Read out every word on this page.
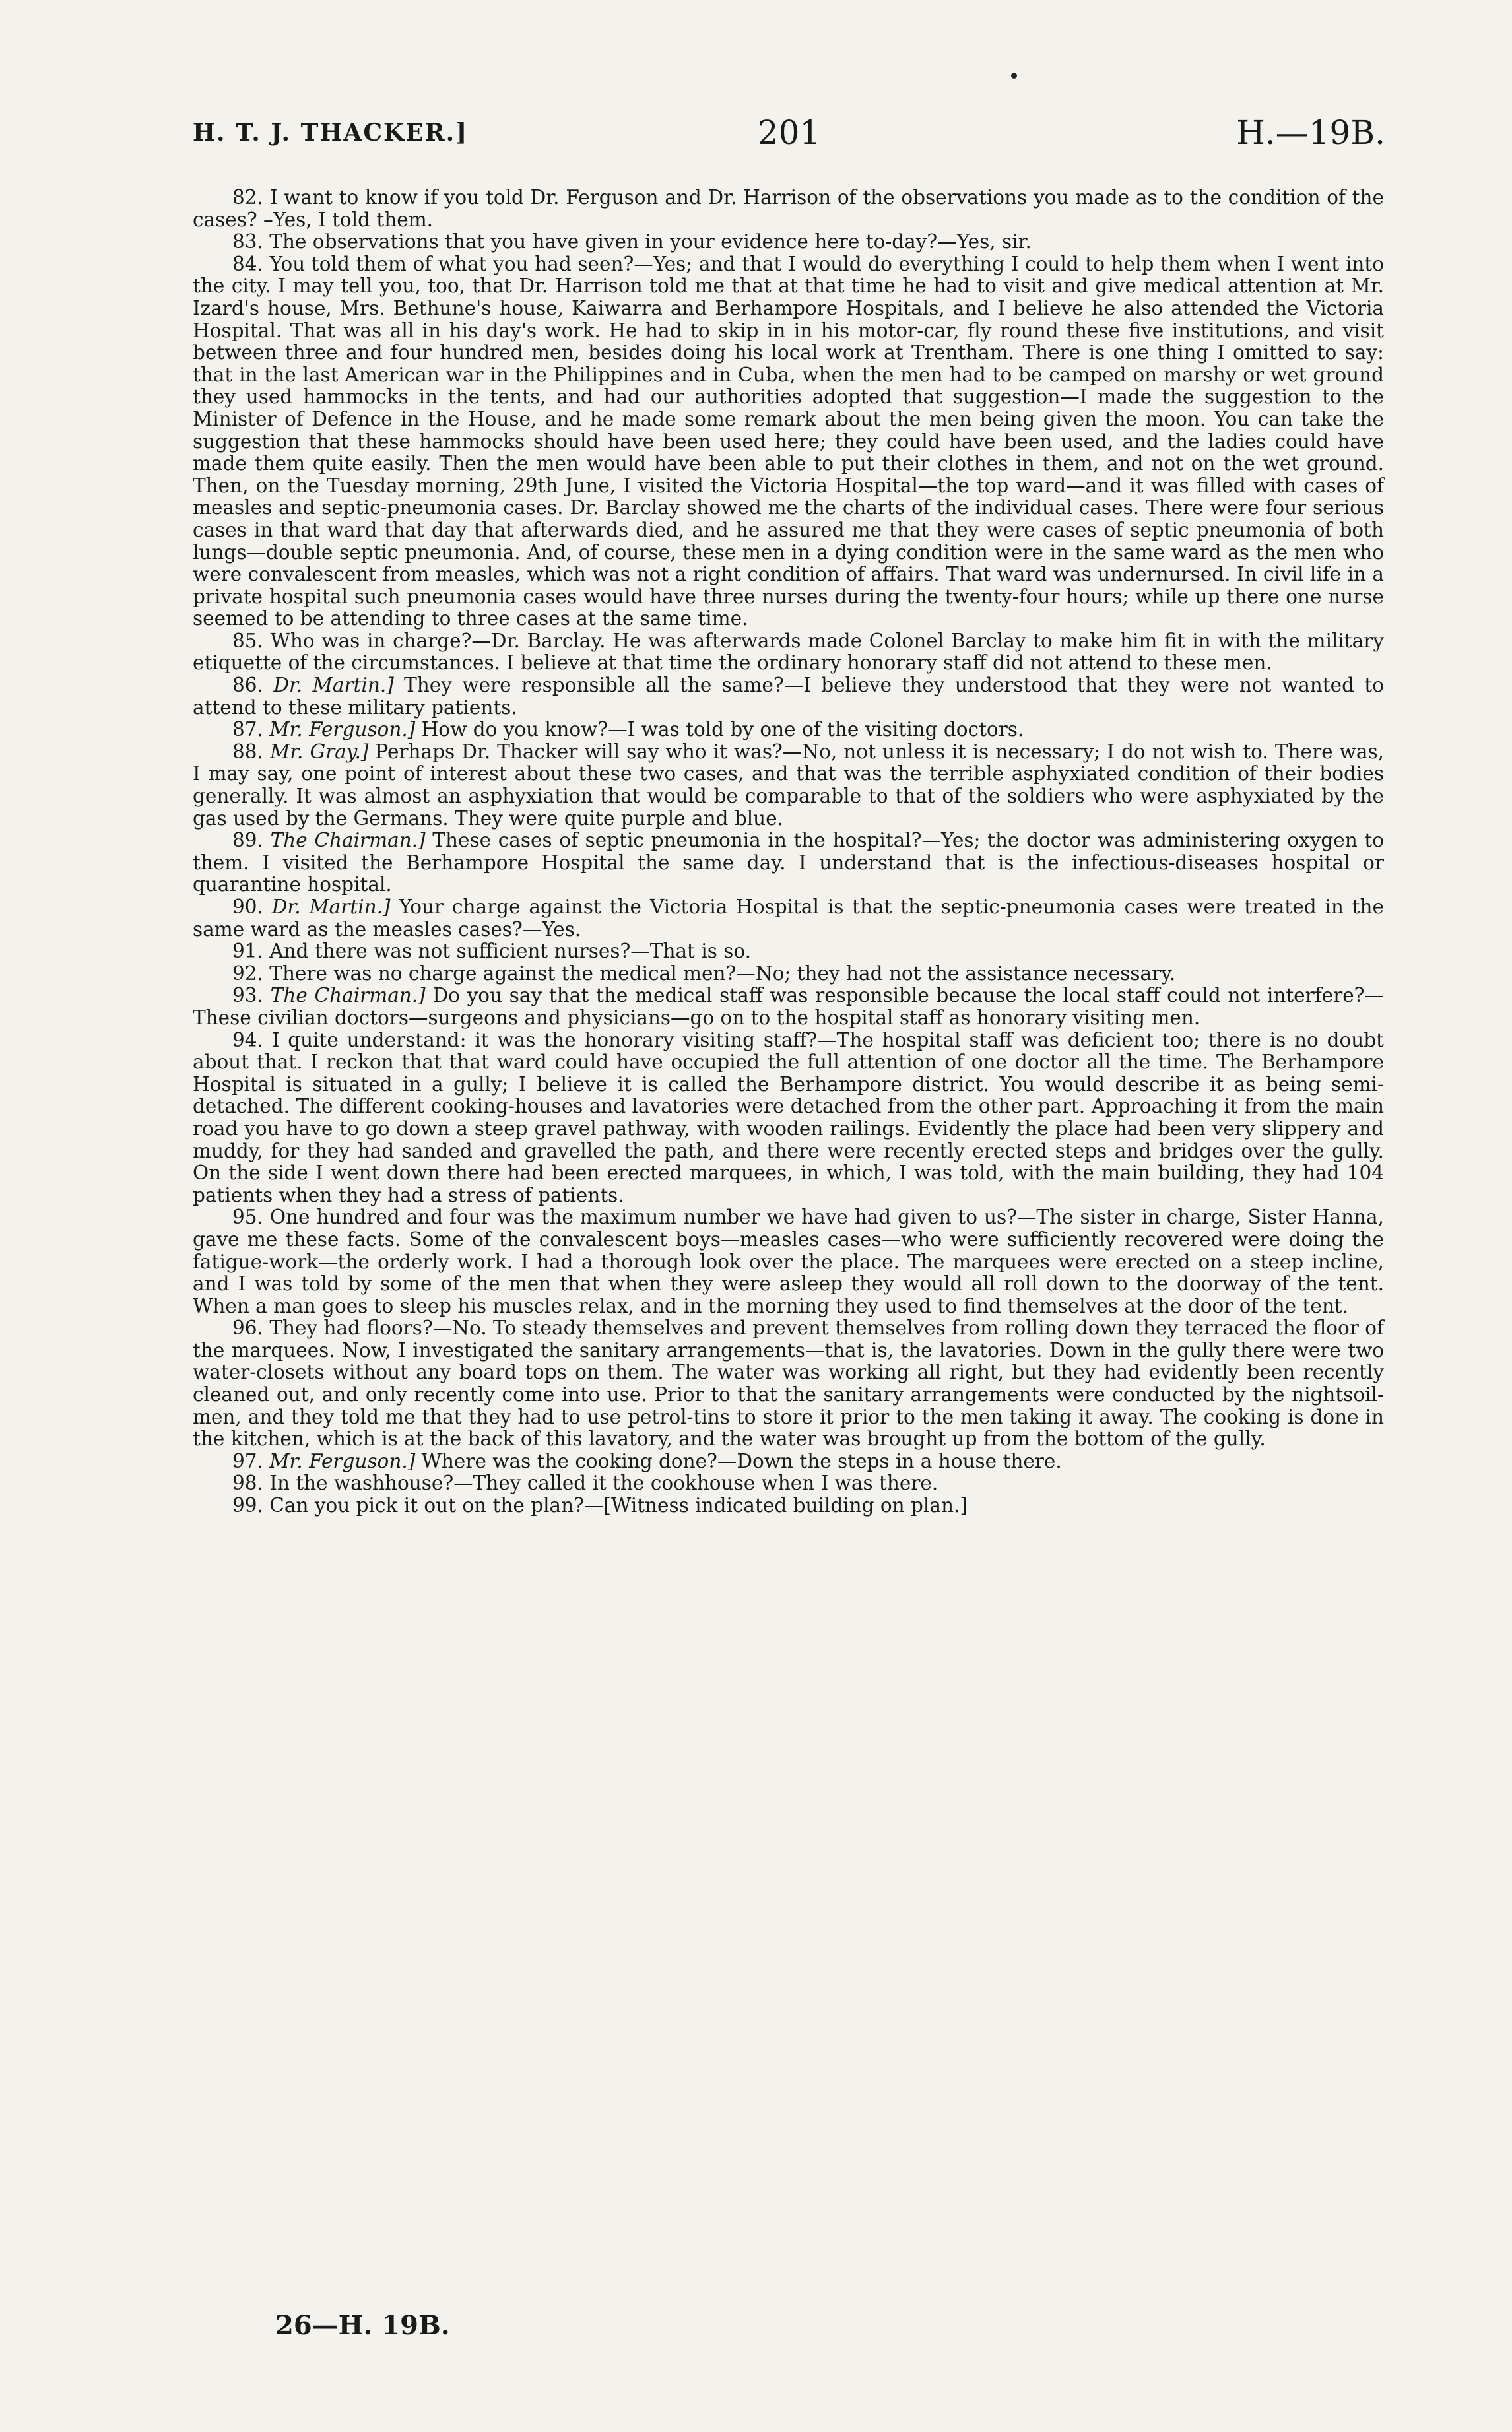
H. T. J. THACKER.]	201	H.—19B.

82. I want to know if you told Dr. Ferguson and Dr. Harrison of the observations you made as to the condition of the cases? –Yes, I told them.

83. The observations that you have given in your evidence here to-day?—Yes, sir.

84. You told them of what you had seen?—Yes; and that I would do everything I could to help them when I went into the city. I may tell you, too, that Dr. Harrison told me that at that time he had to visit and give medical attention at Mr. Izard's house, Mrs. Bethune's house, Kaiwarra and Berhampore Hospitals, and I believe he also attended the Victoria Hospital. That was all in his day's work. He had to skip in in his motor-car, fly round these five institutions, and visit between three and four hundred men, besides doing his local work at Trentham. There is one thing I omitted to say: that in the last American war in the Philippines and in Cuba, when the men had to be camped on marshy or wet ground they used hammocks in the tents, and had our authorities adopted that suggestion—I made the suggestion to the Minister of Defence in the House, and he made some remark about the men being given the moon. You can take the suggestion that these hammocks should have been used here; they could have been used, and the ladies could have made them quite easily. Then the men would have been able to put their clothes in them, and not on the wet ground. Then, on the Tuesday morning, 29th June, I visited the Victoria Hospital—the top ward—and it was filled with cases of measles and septic-pneumonia cases. Dr. Barclay showed me the charts of the individual cases. There were four serious cases in that ward that day that afterwards died, and he assured me that they were cases of septic pneumonia of both lungs—double septic pneumonia. And, of course, these men in a dying condition were in the same ward as the men who were convalescent from measles, which was not a right condition of affairs. That ward was undernursed. In civil life in a private hospital such pneumonia cases would have three nurses during the twenty-four hours; while up there one nurse seemed to be attending to three cases at the same time.

85. Who was in charge?—Dr. Barclay. He was afterwards made Colonel Barclay to make him fit in with the military etiquette of the circumstances. I believe at that time the ordinary honorary staff did not attend to these men.

86. Dr. Martin.] They were responsible all the same?—I believe they understood that they were not wanted to attend to these military patients.

87. Mr. Ferguson.] How do you know?—I was told by one of the visiting doctors.

88. Mr. Gray.] Perhaps Dr. Thacker will say who it was?—No, not unless it is necessary; I do not wish to. There was, I may say, one point of interest about these two cases, and that was the terrible asphyxiated condition of their bodies generally. It was almost an asphyxiation that would be comparable to that of the soldiers who were asphyxiated by the gas used by the Germans. They were quite purple and blue.

89. The Chairman.] These cases of septic pneumonia in the hospital?—Yes; the doctor was administering oxygen to them. I visited the Berhampore Hospital the same day. I understand that is the infectious-diseases hospital or quarantine hospital.

90. Dr. Martin.] Your charge against the Victoria Hospital is that the septic-pneumonia cases were treated in the same ward as the measles cases?—Yes.

91. And there was not sufficient nurses?—That is so.

92. There was no charge against the medical men?—No; they had not the assistance necessary.

93. The Chairman.] Do you say that the medical staff was responsible because the local staff could not interfere?—These civilian doctors—surgeons and physicians—go on to the hospital staff as honorary visiting men.

94. I quite understand: it was the honorary visiting staff?—The hospital staff was deficient too; there is no doubt about that. I reckon that that ward could have occupied the full attention of one doctor all the time. The Berhampore Hospital is situated in a gully; I believe it is called the Berhampore district. You would describe it as being semi-detached. The different cooking-houses and lavatories were detached from the other part. Approaching it from the main road you have to go down a steep gravel pathway, with wooden railings. Evidently the place had been very slippery and muddy, for they had sanded and gravelled the path, and there were recently erected steps and bridges over the gully. On the side I went down there had been erected marquees, in which, I was told, with the main building, they had 104 patients when they had a stress of patients.

95. One hundred and four was the maximum number we have had given to us?—The sister in charge, Sister Hanna, gave me these facts. Some of the convalescent boys—measles cases—who were sufficiently recovered were doing the fatigue-work—the orderly work. I had a thorough look over the place. The marquees were erected on a steep incline, and I was told by some of the men that when they were asleep they would all roll down to the doorway of the tent. When a man goes to sleep his muscles relax, and in the morning they used to find themselves at the door of the tent.

96. They had floors?—No. To steady themselves and prevent themselves from rolling down they terraced the floor of the marquees. Now, I investigated the sanitary arrangements—that is, the lavatories. Down in the gully there were two water-closets without any board tops on them. The water was working all right, but they had evidently been recently cleaned out, and only recently come into use. Prior to that the sanitary arrangements were conducted by the nightsoil-men, and they told me that they had to use petrol-tins to store it prior to the men taking it away. The cooking is done in the kitchen, which is at the back of this lavatory, and the water was brought up from the bottom of the gully.

97. Mr. Ferguson.] Where was the cooking done?—Down the steps in a house there.

98. In the washhouse?—They called it the cookhouse when I was there.

99. Can you pick it out on the plan?—[Witness indicated building on plan.]

26—H. 19B.
